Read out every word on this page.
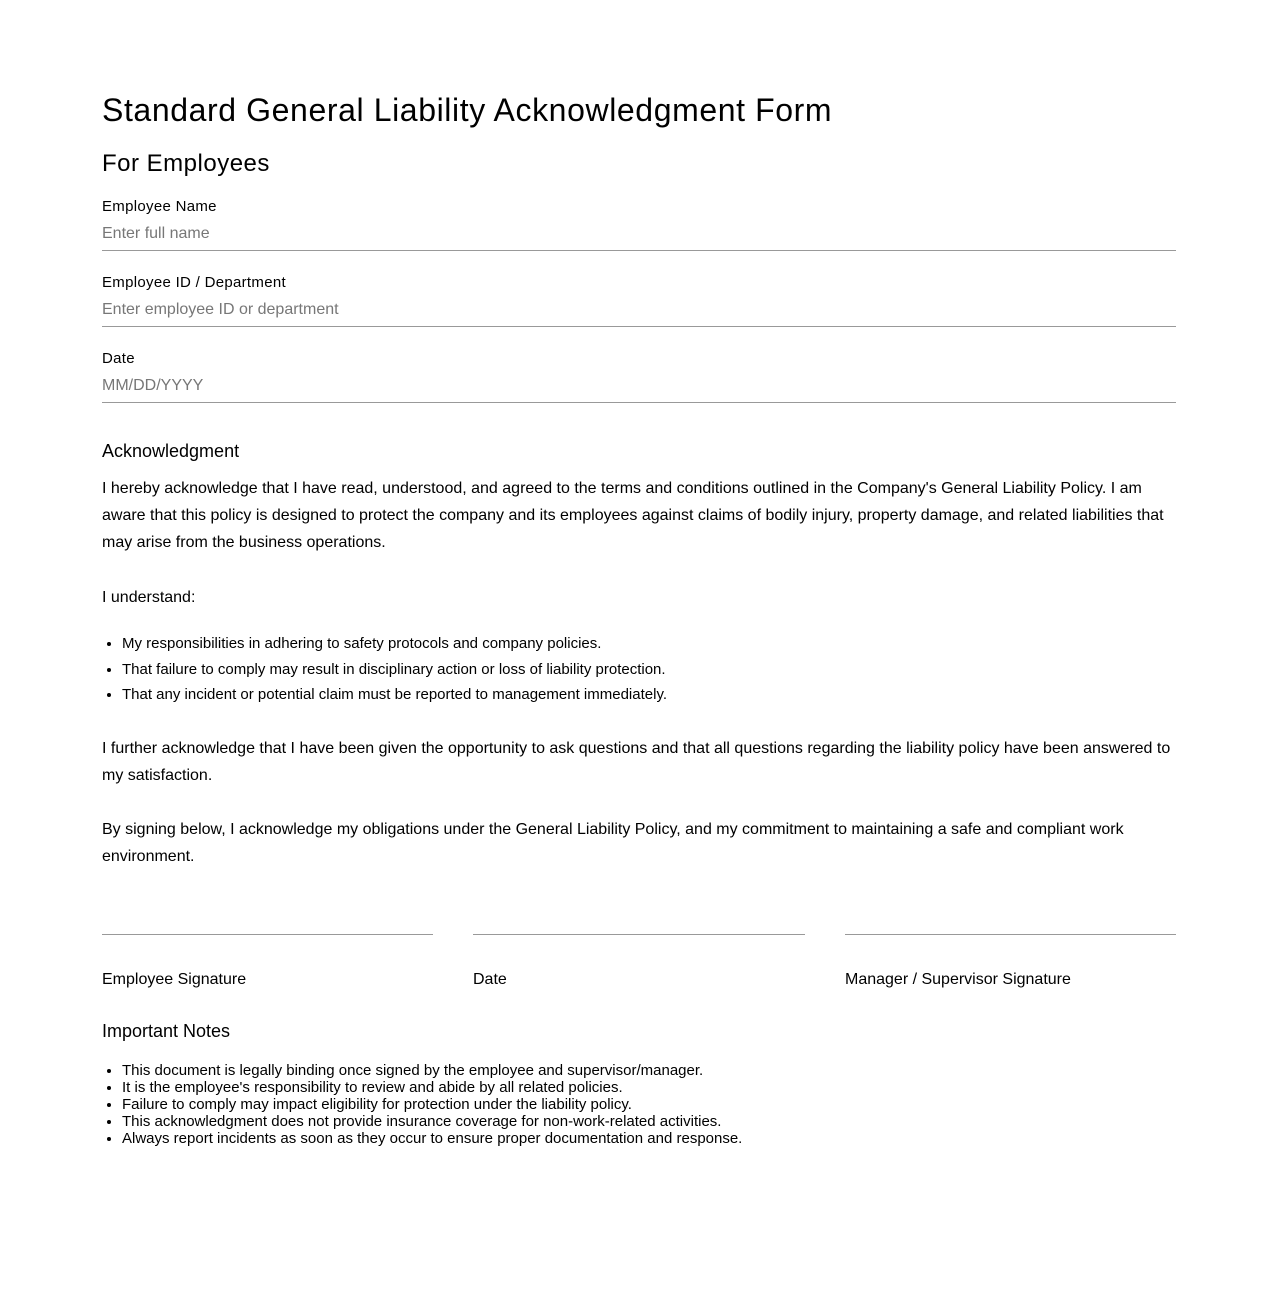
Standard General Liability Acknowledgment Form
For Employees
Employee Name
Enter full name
Employee ID / Department
Enter employee ID or department
Date
MM/DD/YYYY
Acknowledgment

I hereby acknowledge that I have read, understood, and agreed to the terms and conditions outlined in the Company's General Liability Policy. I am aware that this policy is designed to protect the company and its employees against claims of bodily injury, property damage, and related liabilities that may arise from the business operations.

I understand:

• My responsibilities in adhering to safety protocols and company policies.
• That failure to comply may result in disciplinary action or loss of liability protection.
• That any incident or potential claim must be reported to management immediately.

I further acknowledge that I have been given the opportunity to ask questions and that all questions regarding the liability policy have been answered to my satisfaction.

By signing below, I acknowledge my obligations under the General Liability Policy, and my commitment to maintaining a safe and compliant work environment.

Employee Signature	Date	Manager / Supervisor Signature
Important Notes
• This document is legally binding once signed by the employee and supervisor/manager.
• It is the employee's responsibility to review and abide by all related policies.
• Failure to comply may impact eligibility for protection under the liability policy.
• This acknowledgment does not provide insurance coverage for non-work-related activities.
• Always report incidents as soon as they occur to ensure proper documentation and response.
